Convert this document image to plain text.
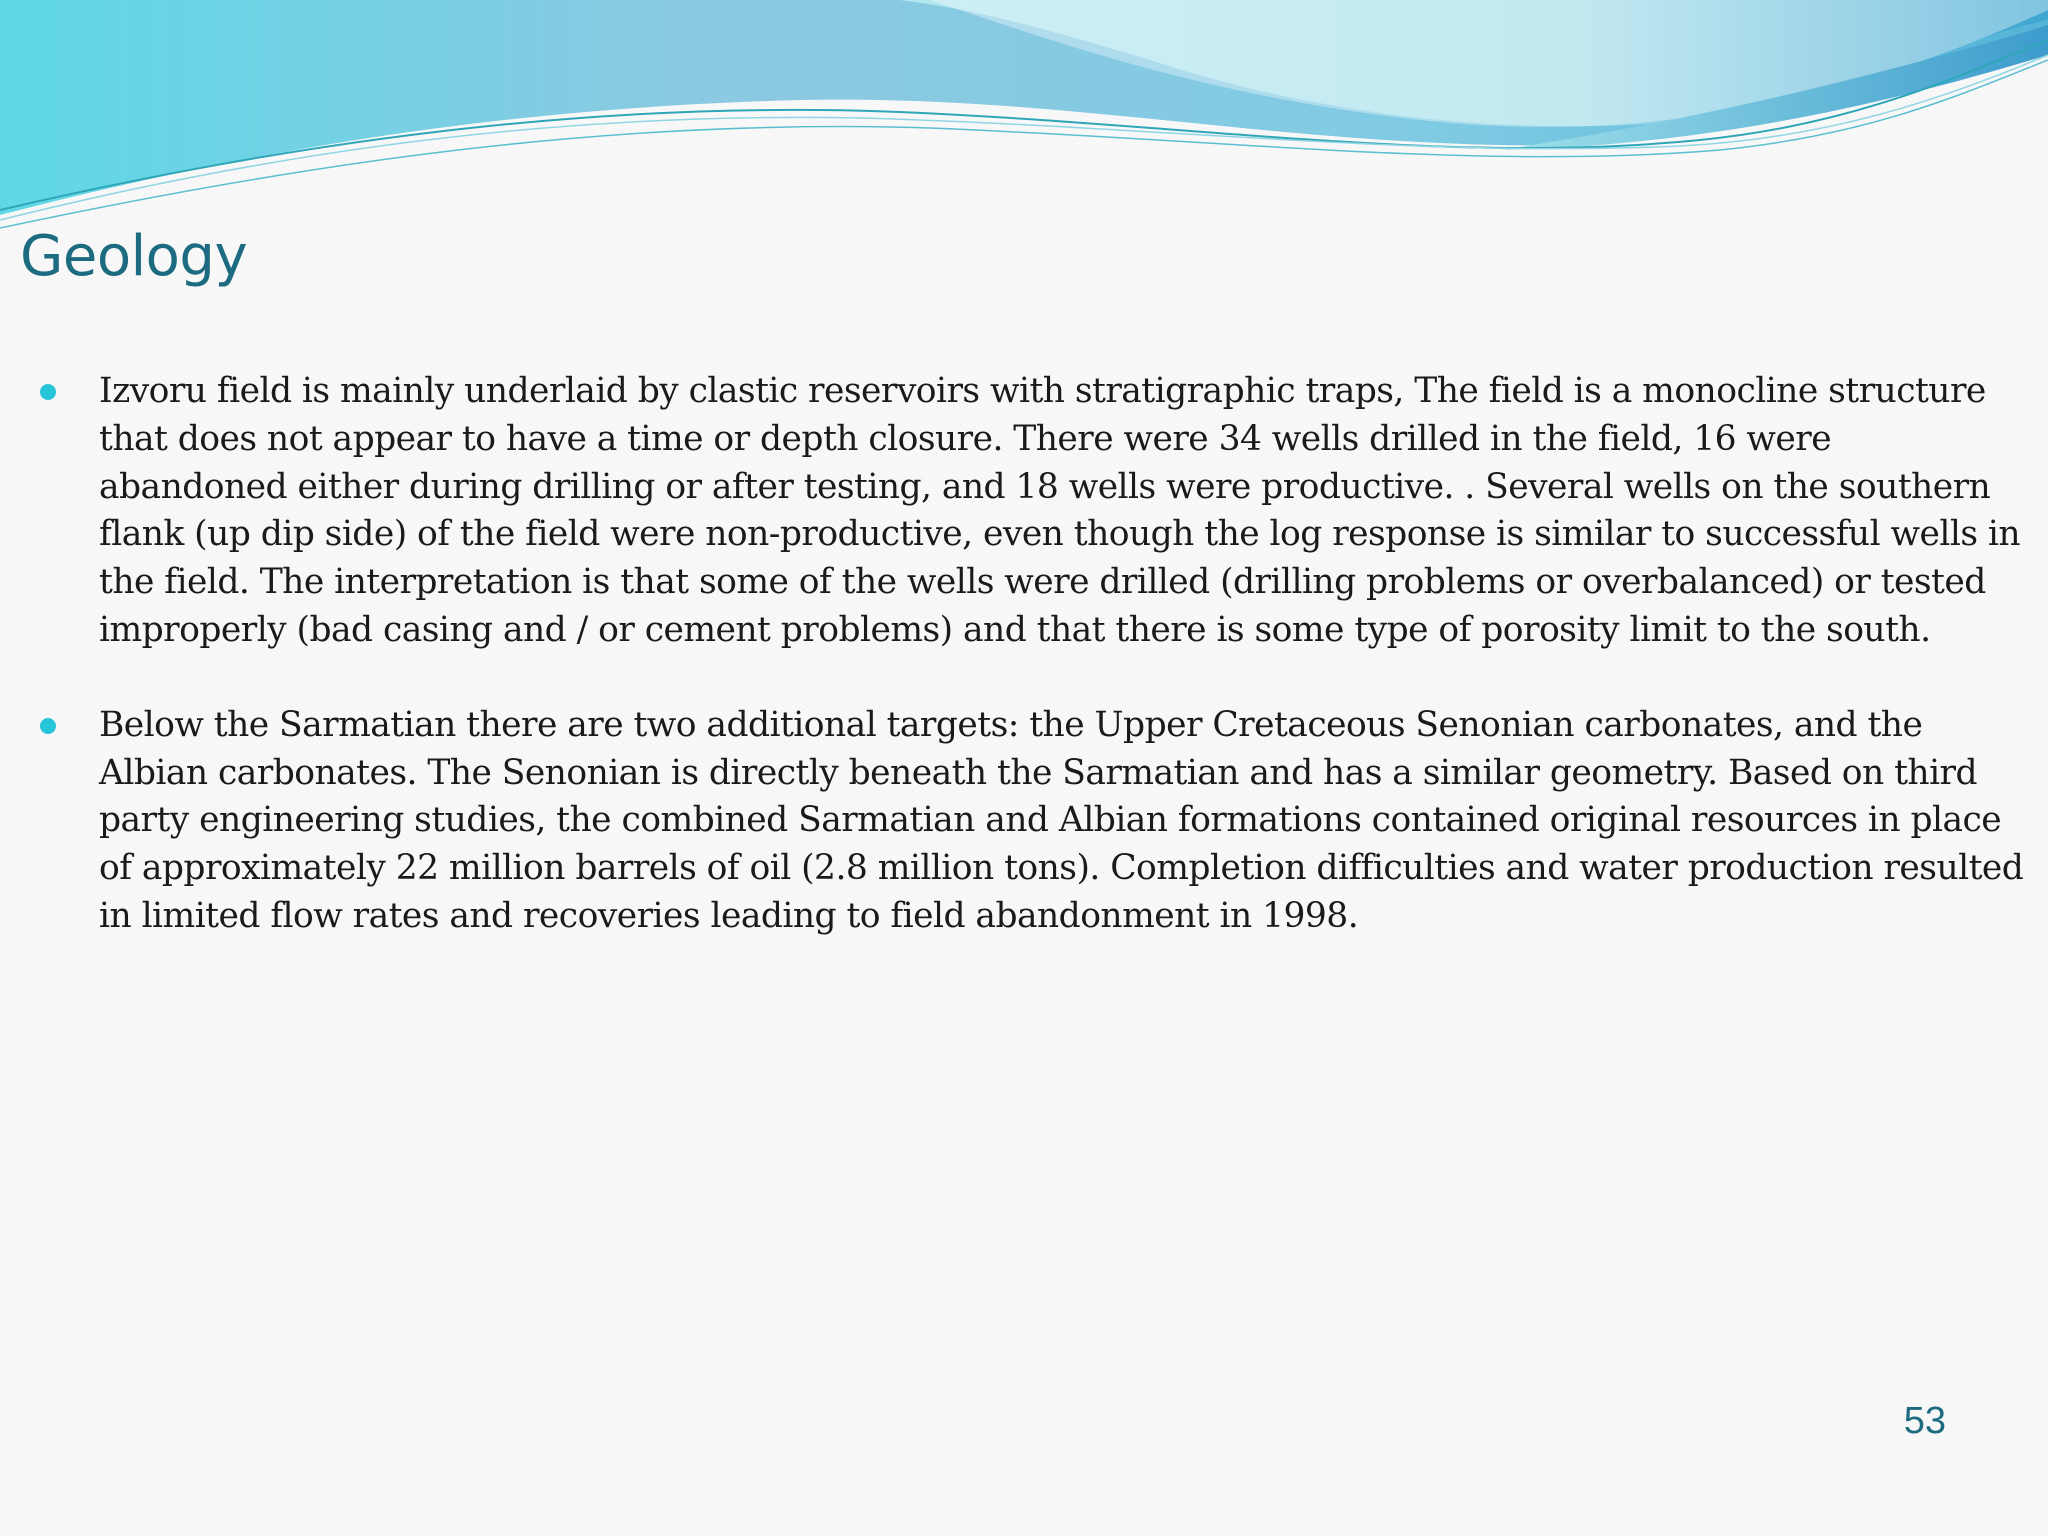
Geology
Izvoru field is mainly underlaid by clastic reservoirs with stratigraphic traps, The field is a monocline structure that does not appear to have a time or depth closure. There were 34 wells drilled in the field, 16 were abandoned either during drilling or after testing, and 18 wells were productive. . Several wells on the southern flank (up dip side) of the field were non-productive, even though the log response is similar to successful wells in the field. The interpretation is that some of the wells were drilled (drilling problems or overbalanced) or tested improperly (bad casing and / or cement problems) and that there is some type of porosity limit to the south.
Below the Sarmatian there are two additional targets: the Upper Cretaceous Senonian carbonates, and the Albian carbonates. The Senonian is directly beneath the Sarmatian and has a similar geometry. Based on third party engineering studies, the combined Sarmatian and Albian formations contained original resources in place of approximately 22 million barrels of oil (2.8 million tons). Completion difficulties and water production resulted in limited flow rates and recoveries leading to field abandonment in 1998.
53
